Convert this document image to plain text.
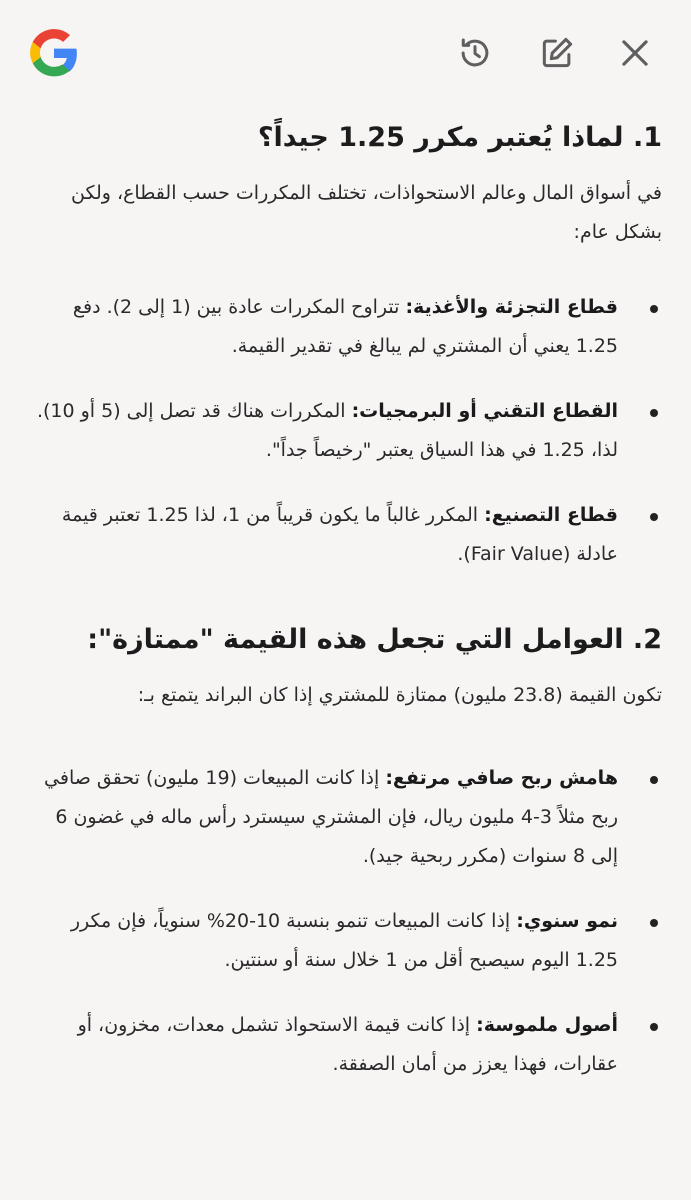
1. لماذا يُعتبر مكرر 1.25 جيداً؟

في أسواق المال وعالم الاستحواذات، تختلف المكررات حسب القطاع، ولكن بشكل عام:

قطاع التجزئة والأغذية: تتراوح المكررات عادة بين (1 إلى 2). دفع 1.25 يعني أن المشتري لم يبالغ في تقدير القيمة.
القطاع التقني أو البرمجيات: المكررات هناك قد تصل إلى (5 أو 10). لذا، 1.25 في هذا السياق يعتبر "رخيصاً جداً".
قطاع التصنيع: المكرر غالباً ما يكون قريباً من 1، لذا 1.25 تعتبر قيمة عادلة (Fair Value).
2. العوامل التي تجعل هذه القيمة "ممتازة":

تكون القيمة (23.8 مليون) ممتازة للمشتري إذا كان البراند يتمتع بـ:

هامش ربح صافي مرتفع: إذا كانت المبيعات (19 مليون) تحقق صافي ربح مثلاً 3-4 مليون ريال، فإن المشتري سيسترد رأس ماله في غضون 6 إلى 8 سنوات (مكرر ربحية جيد).
نمو سنوي: إذا كانت المبيعات تنمو بنسبة 10-20% سنوياً، فإن مكرر 1.25 اليوم سيصبح أقل من 1 خلال سنة أو سنتين.
أصول ملموسة: إذا كانت قيمة الاستحواذ تشمل معدات، مخزون، أو عقارات، فهذا يعزز من أمان الصفقة.
